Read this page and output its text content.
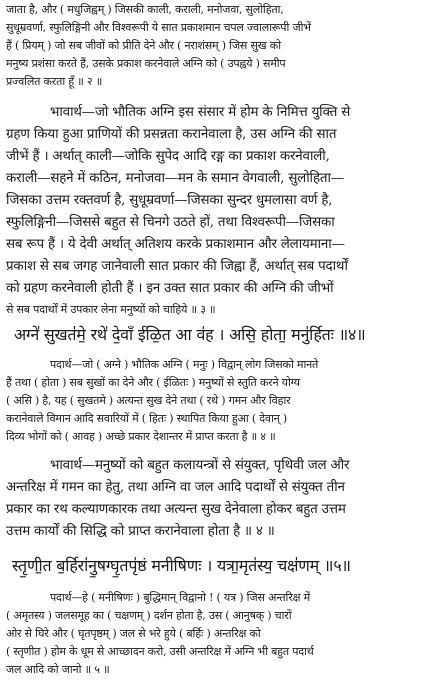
जाता है, और ( मधुजिह्वम् ) जिसकी काली, कराली, मनोजवा, सुलोहिता,
सुधूम्रवर्णा, स्फुलिङ्गिनी और विश्वरूपी ये सात प्रकाशमान चपल ज्वालारूपी जीभें
हैं ( प्रियम् ) जो सब जीवों को प्रीति देने और ( नराशंसम् ) जिस सुख को
मनुष्य प्रशंसा करते हैं, उसके प्रकाश करनेवाले अग्नि को ( उपह्वये ) समीप
प्रज्वलित करता हूँ ॥ २ ॥
भावार्थ—जो भौतिक अग्नि इस संसार में होम के निमित्त युक्ति से
ग्रहण किया हुआ प्राणियों की प्रसन्नता करानेवाला है, उस अग्नि की सात
जीभें हैं । अर्थात् काली—जोकि सुपेद आदि रङ्ग का प्रकाश करनेवाली,
कराली—सहने में कठिन, मनोजवा—मन के समान वेगवाली, सुलोहिता—
जिसका उत्तम रक्तवर्ण है, सुधूम्रवर्णा—जिसका सुन्दर धुमलासा वर्ण है,
स्फुलिङ्गिनी—जिससे बहुत से चिनगे उठते हों, तथा विश्वरूपी—जिसका
सब रूप हैं । ये देवी अर्थात् अतिशय करके प्रकाशमान और लेलायमाना—
प्रकाश से सब जगह जानेवाली सात प्रकार की जिह्वा हैं, अर्थात् सब पदार्थों
को ग्रहण करनेवाली होती हैं । इन उक्त सात प्रकार की अग्नि की जीभों
से सब पदार्थों में उपकार लेना मनुष्यों को चाहिये ॥ ३ ॥
अग्ने॑ सुखत॑मे॒ रथे॑ दे॒वाँ ई॑ळि॒त आ व॑ह । असि॒ होता॒ मनु॑र्हितः ॥४॥
पदार्थ—जो ( अग्ने ) भौतिक अग्नि ( मनुः ) विद्वान् लोग जिसको मानते
हैं तथा ( होता ) सब सुखों का देने और ( ईळितः ) मनुष्यों से स्तुति करने योग्य
( असि ) है, यह ( सुखतमे ) अत्यन्त सुख देने तथा ( रथे ) गमन और विहार
करानेवाले विमान आदि सवारियों में ( हितः ) स्थापित किया हुआ ( देवान् )
दिव्य भोगों को ( आवह ) अच्छे प्रकार देशान्तर में प्राप्त करता है ॥ ४ ॥
भावार्थ—मनुष्यों को बहुत कलायन्त्रों से संयुक्त, पृथिवी जल और
अन्तरिक्ष में गमन का हेतु, तथा अग्नि वा जल आदि पदार्थों से संयुक्त तीन
प्रकार का रथ कल्याणकारक तथा अत्यन्त सुख देनेवाला होकर बहुत उत्तम
उत्तम कार्यों की सिद्धि को प्राप्त करानेवाला होता है ॥ ४ ॥
स्तृ॒णी॒त ब॒र्हिरा॑नु॒षग्घृ॒तपृ॑ष्ठं मनीषिणः । यत्रा॒मृत॑स्य॒ चक्ष॑णम् ॥५॥
पदार्थ—हे ( मनीषिणः ) बुद्धिमान् विद्वानो ! ( यत्र ) जिस अन्तरिक्ष में
( अमृतस्य ) जलसमूह का ( चक्षणम् ) दर्शन होता है, उस ( आनुषक् ) चारों
ओर से घिरे और ( घृतपृष्ठम् ) जल से भरे हुये ( बर्हिः ) अन्तरिक्ष को
( स्तृणीत ) होम के धूम से आच्छादन करो, उसी अन्तरिक्ष में अग्नि भी बहुत पदार्थ
जल आदि को जानो ॥ ५ ॥
